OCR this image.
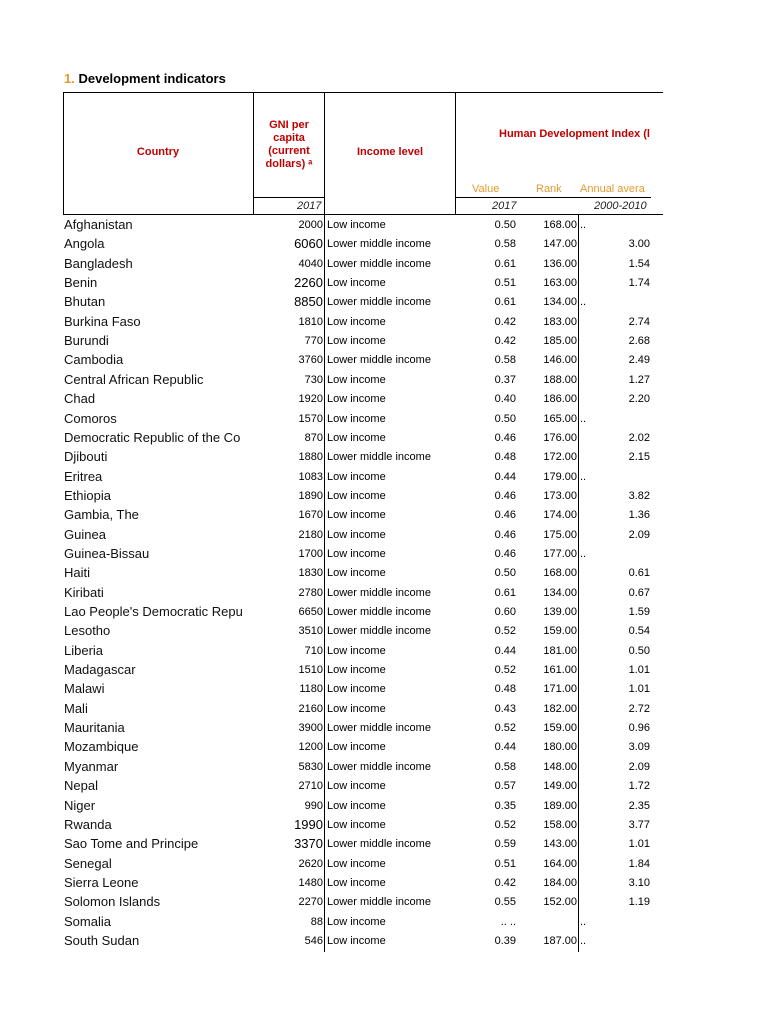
1. Development indicators
Country
GNI per capita (current dollars) ᵃ
Income level
Human Development Index (l
Value	Rank Annual avera
2017	2017	2000-2010
Afghanistan	2000 Low income	0.50	168.00 ..
Angola	6060 Lower middle income	0.58	147.00	3.00
Bangladesh	4040 Lower middle income	0.61	136.00	1.54
Benin	2260 Low income	0.51	163.00	1.74
Bhutan	8850 Lower middle income	0.61	134.00 ..
Burkina Faso	1810 Low income	0.42	183.00	2.74
Burundi	770 Low income	0.42	185.00	2.68
Cambodia	3760 Lower middle income	0.58	146.00	2.49
Central African Republic	730 Low income	0.37	188.00	1.27
Chad	1920 Low income	0.40	186.00	2.20
Comoros	1570 Low income	0.50	165.00 ..
Democratic Republic of the Co	870 Low income	0.46	176.00	2.02
Djibouti	1880 Lower middle income	0.48	172.00	2.15
Eritrea	1083 Low income	0.44	179.00 ..
Ethiopia	1890 Low income	0.46	173.00	3.82
Gambia, The	1670 Low income	0.46	174.00	1.36
Guinea	2180 Low income	0.46	175.00	2.09
Guinea-Bissau	1700 Low income	0.46	177.00 ..
Haiti	1830 Low income	0.50	168.00	0.61
Kiribati	2780 Lower middle income	0.61	134.00	0.67
Lao People's Democratic Repu	6650 Lower middle income	0.60	139.00	1.59
Lesotho	3510 Lower middle income	0.52	159.00	0.54
Liberia	710 Low income	0.44	181.00	0.50
Madagascar	1510 Low income	0.52	161.00	1.01
Malawi	1180 Low income	0.48	171.00	1.01
Mali	2160 Low income	0.43	182.00	2.72
Mauritania	3900 Lower middle income	0.52	159.00	0.96
Mozambique	1200 Low income	0.44	180.00	3.09
Myanmar	5830 Lower middle income	0.58	148.00	2.09
Nepal	2710 Low income	0.57	149.00	1.72
Niger	990 Low income	0.35	189.00	2.35
Rwanda	1990 Low income	0.52	158.00	3.77
Sao Tome and Principe	3370 Lower middle income	0.59	143.00	1.01
Senegal	2620 Low income	0.51	164.00	1.84
Sierra Leone	1480 Low income	0.42	184.00	3.10
Solomon Islands	2270 Lower middle income	0.55	152.00	1.19
Somalia	88 Low income	.. ..	..
South Sudan	546 Low income	0.39	187.00 ..
